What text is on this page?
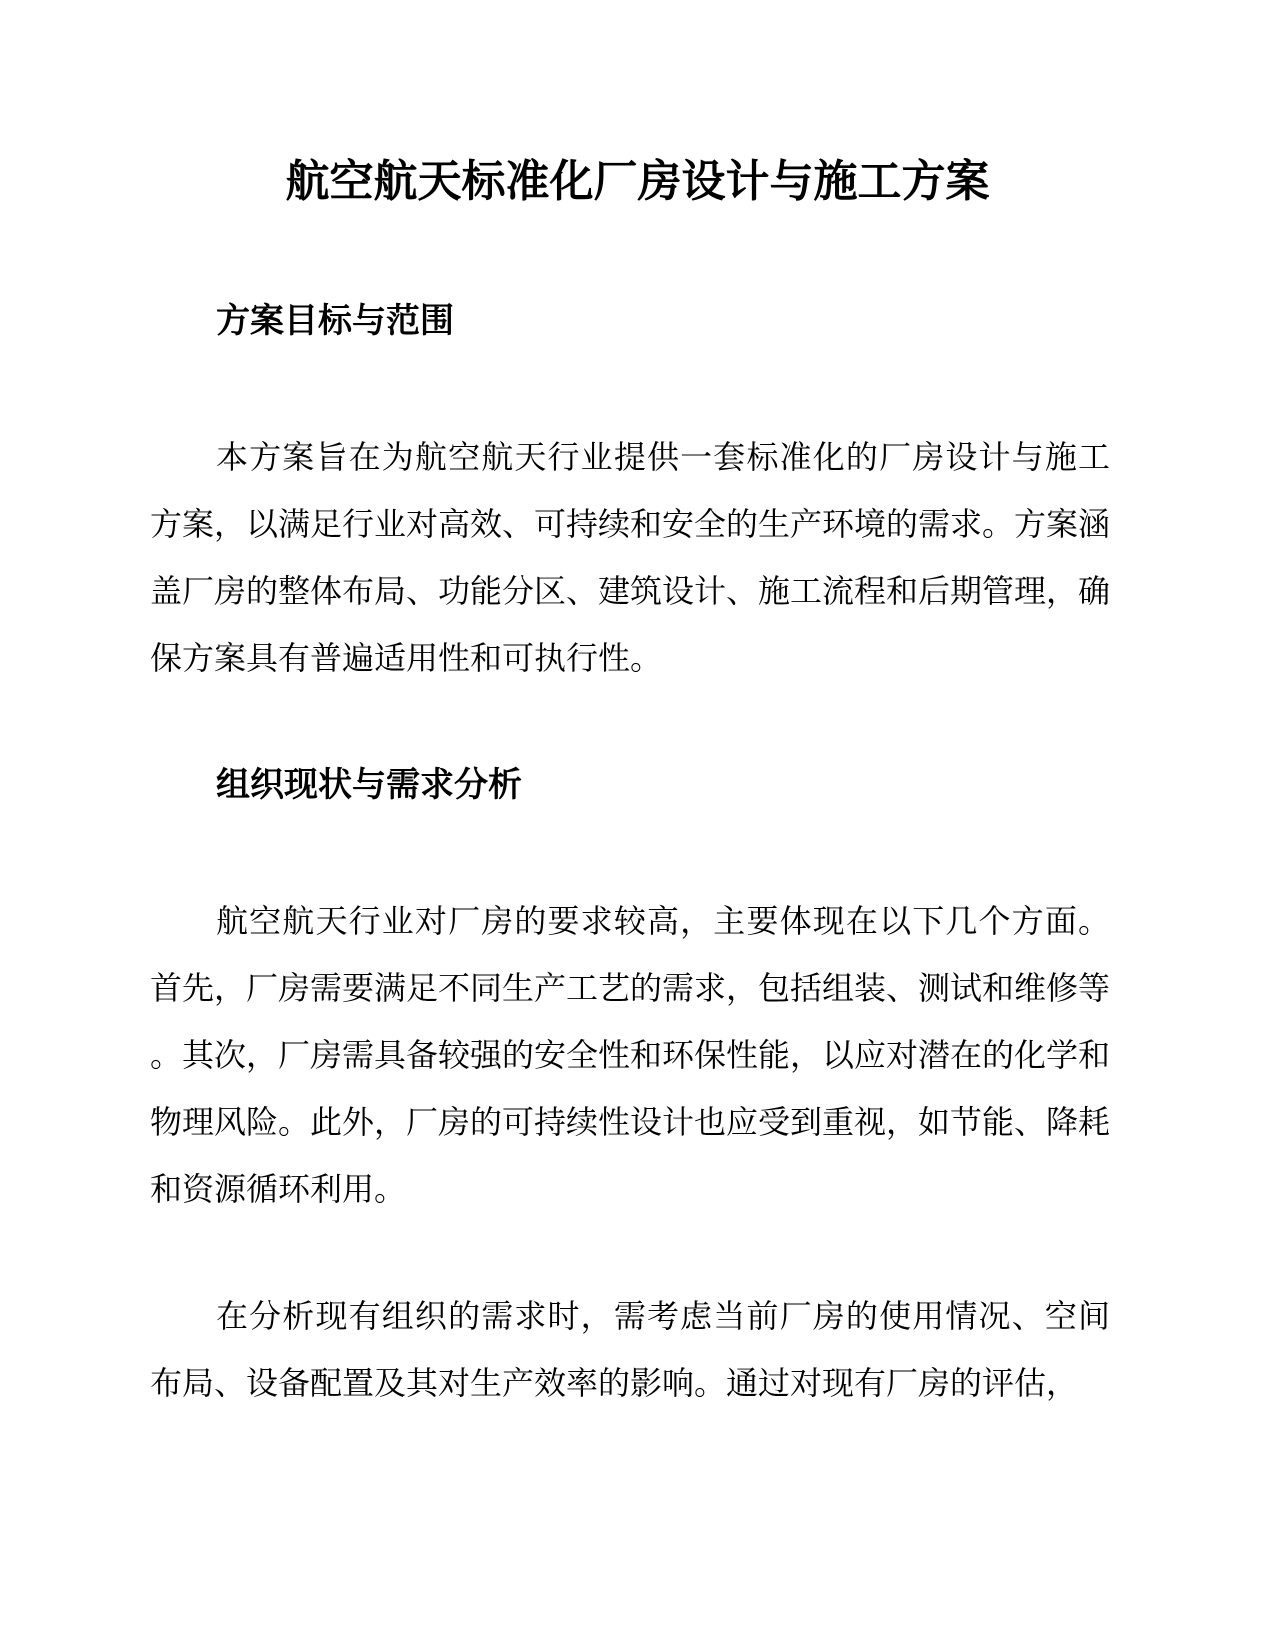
航空航天标准化厂房设计与施工方案
方案目标与范围

本方案旨在为航空航天行业提供一套标准化的厂房设计与施工方案，以满足行业对高效、可持续和安全的生产环境的需求。方案涵盖厂房的整体布局、功能分区、建筑设计、施工流程和后期管理，确保方案具有普遍适用性和可执行性。

组织现状与需求分析

航空航天行业对厂房的要求较高，主要体现在以下几个方面。首先，厂房需要满足不同生产工艺的需求，包括组装、测试和维修等。其次，厂房需具备较强的安全性和环保性能，以应对潜在的化学和物理风险。此外，厂房的可持续性设计也应受到重视，如节能、降耗和资源循环利用。

在分析现有组织的需求时，需考虑当前厂房的使用情况、空间布局、设备配置及其对生产效率的影响。通过对现有厂房的评估，
